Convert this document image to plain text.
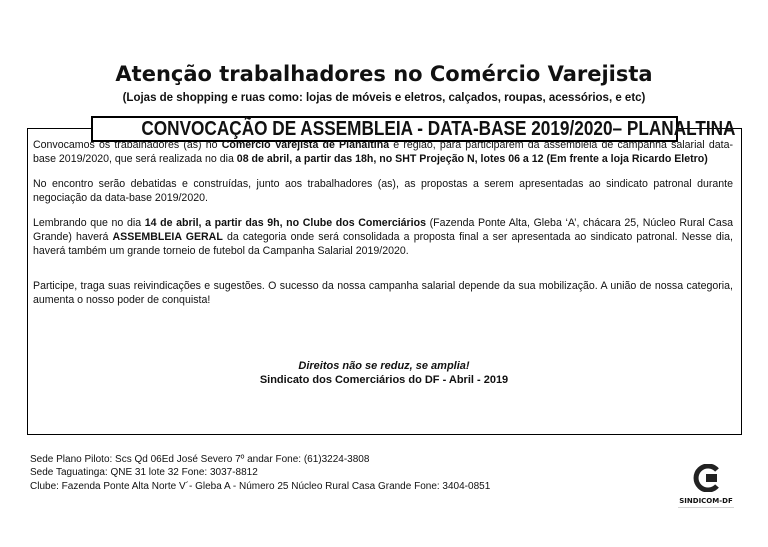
Atenção trabalhadores no Comércio Varejista
(Lojas de shopping e ruas como: lojas de móveis e eletros, calçados, roupas, acessórios, e etc)
CONVOCAÇÃO DE ASSEMBLEIA - DATA-BASE 2019/2020– PLANALTINA

Convocamos os trabalhadores (as) no Comércio Varejista de Planaltina e região, para participarem da assembleia de campanha salarial data-base 2019/2020, que será realizada no dia 08 de abril, a partir das 18h, no SHT Projeção N, lotes 06 a 12 (Em frente a loja Ricardo Eletro)

No encontro serão debatidas e construídas, junto aos trabalhadores (as), as propostas a serem apresentadas ao sindicato patronal durante negociação da data-base 2019/2020.

Lembrando que no dia 14 de abril, a partir das 9h, no Clube dos Comerciários (Fazenda Ponte Alta, Gleba ‘A’, chácara 25, Núcleo Rural Casa Grande) haverá ASSEMBLEIA GERAL da categoria onde será consolidada a proposta final a ser apresentada ao sindicato patronal. Nesse dia, haverá também um grande torneio de futebol da Campanha Salarial 2019/2020.

Participe, traga suas reivindicações e sugestões. O sucesso da nossa campanha salarial depende da sua mobilização. A união de nossa categoria, aumenta o nosso poder de conquista!

Direitos não se reduz, se amplia!
Sindicato dos Comerciários do DF - Abril - 2019
Sede Plano Piloto: Scs Qd 06Ed José Severo 7º andar Fone: (61)3224-3808
Sede Taguatinga: QNE 31 lote 32 Fone: 3037-8812
Clube: Fazenda Ponte Alta Norte V´- Gleba A - Número 25 Núcleo Rural Casa Grande Fone: 3404-0851
SINDICOM-DF
————————————————
